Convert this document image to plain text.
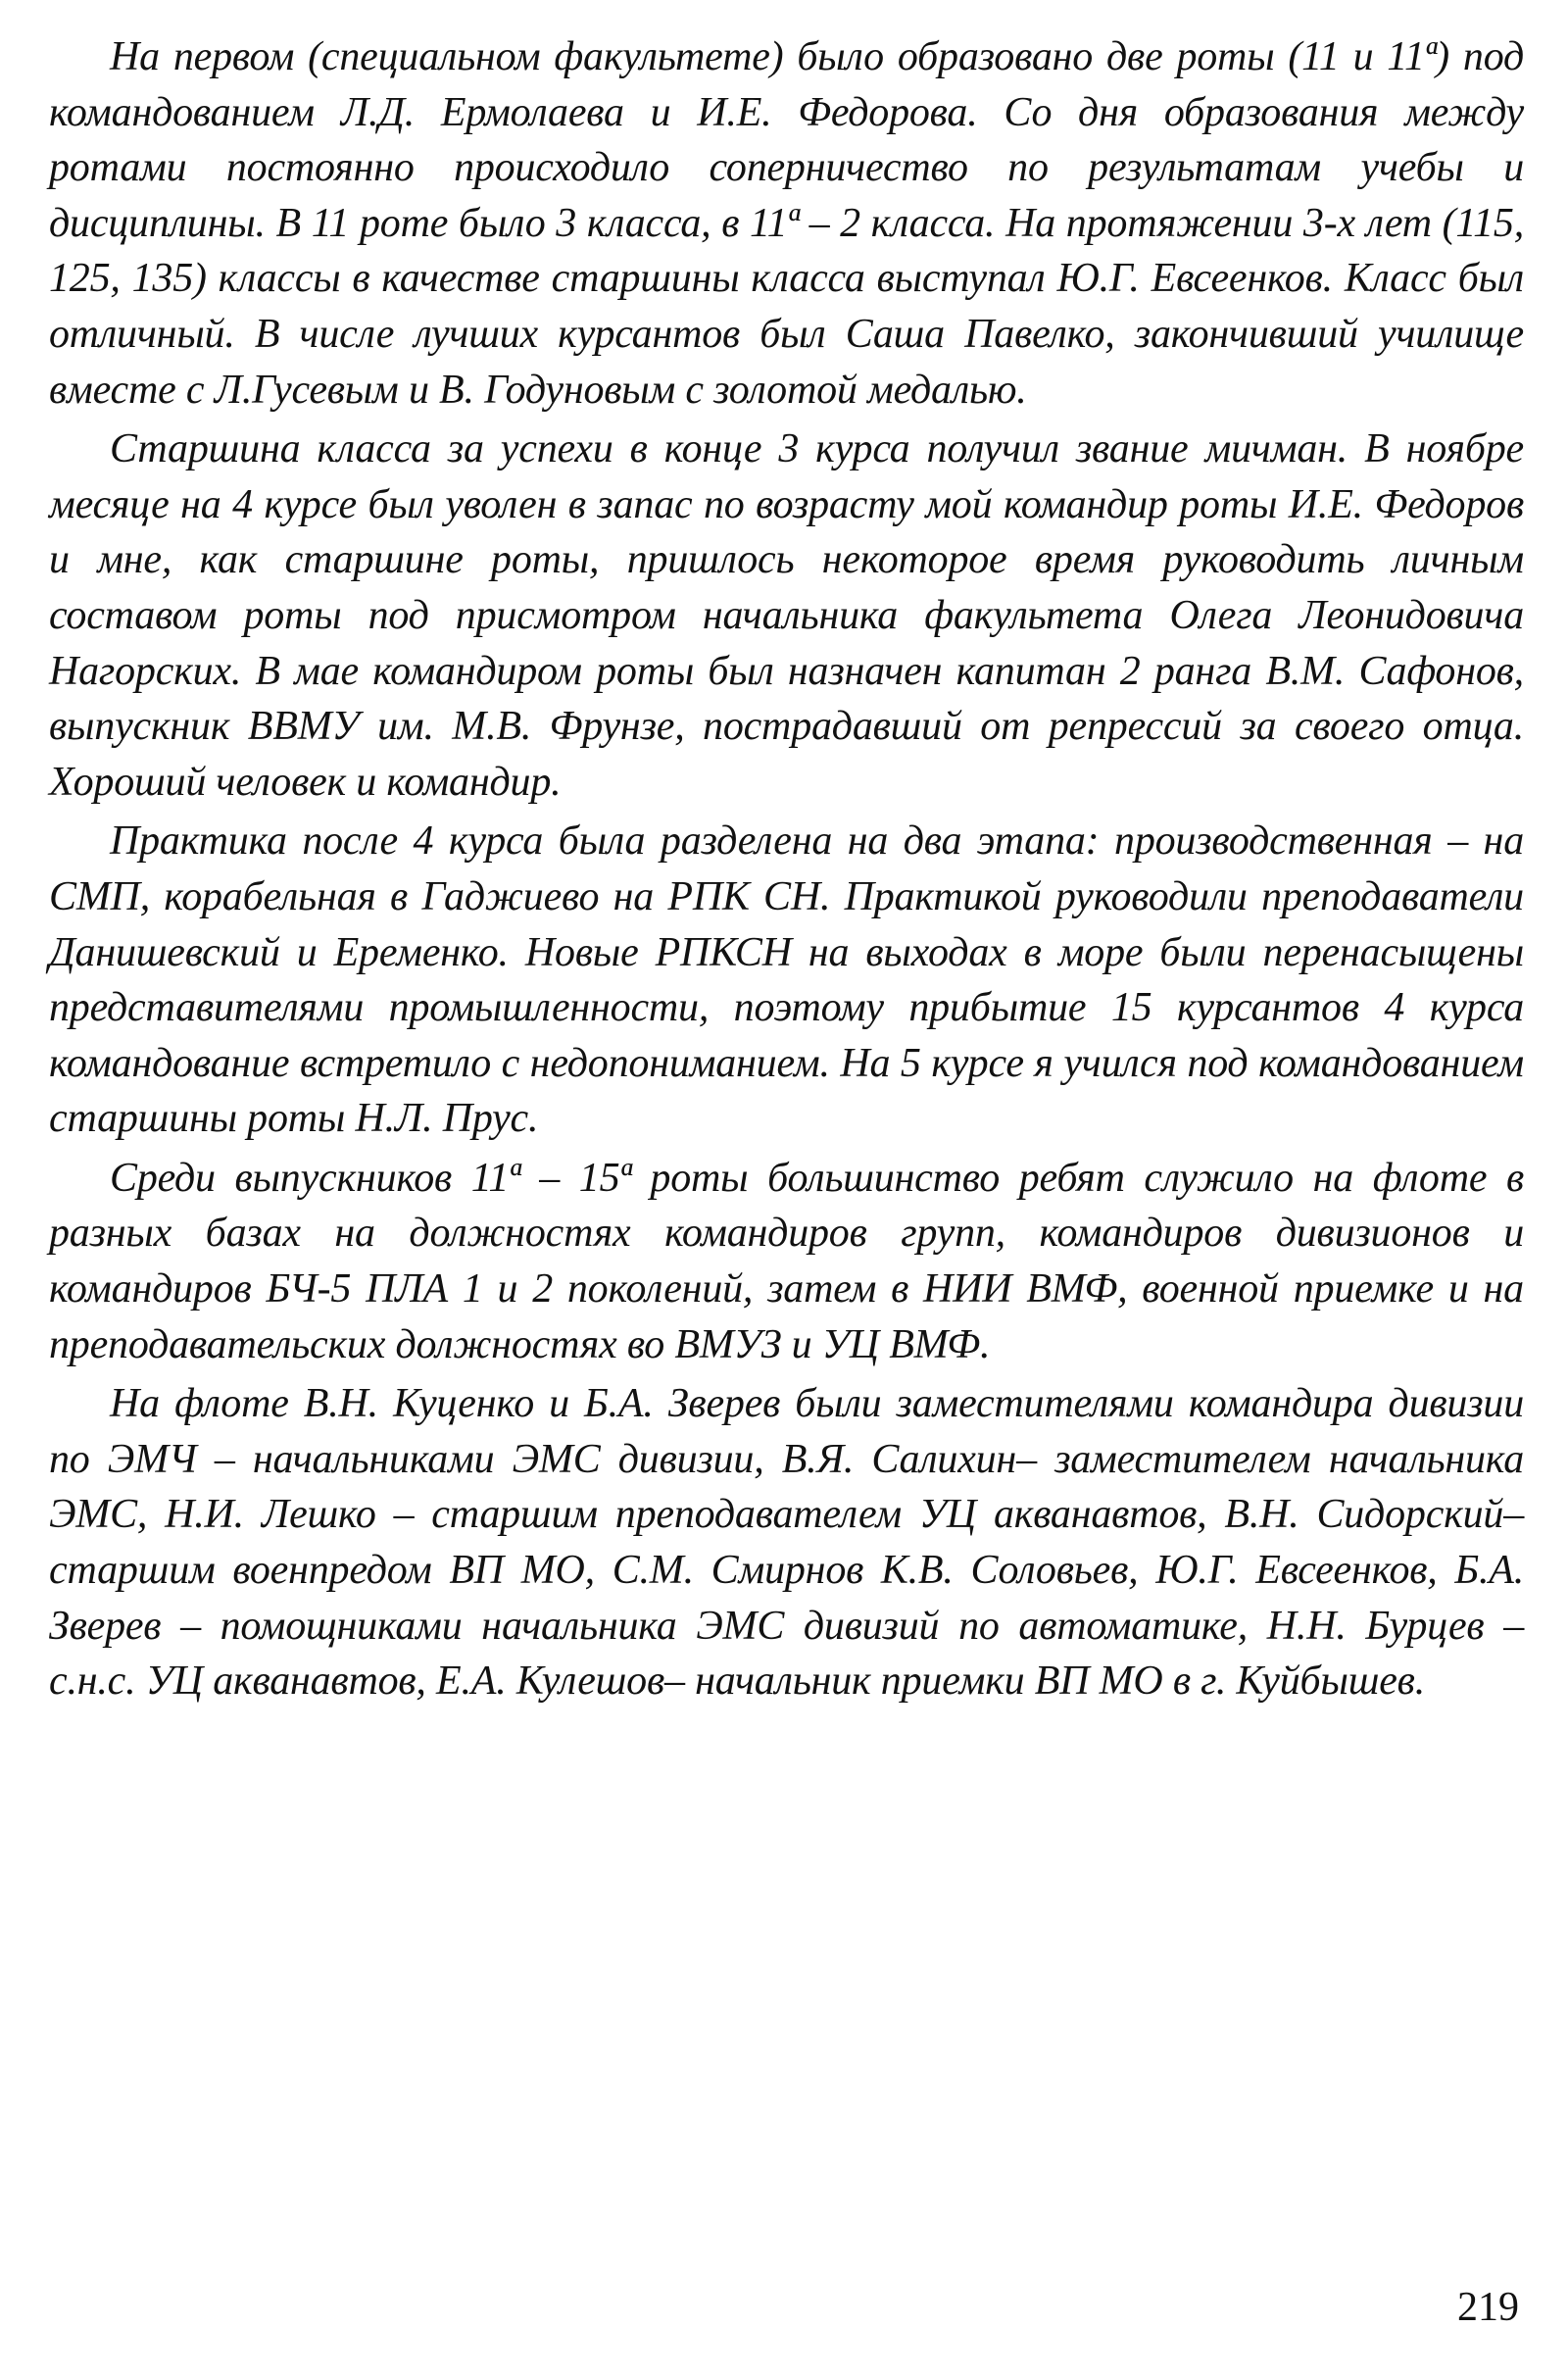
На первом (специальном факультете) было образовано две роты (11 и 11ª) под командованием Л.Д. Ермолаева и И.Е. Федорова. Со дня образования между ротами постоянно происходило соперничество по результатам учебы и дисциплины. В 11 роте было 3 класса, в 11ª – 2 класса. На протяжении 3-х лет (115, 125, 135) классы в качестве старшины класса выступал Ю.Г. Евсеенков. Класс был отличный. В числе лучших курсантов был Саша Павелко, закончивший училище вместе с Л.Гусевым и В. Годуновым с золотой медалью.

Старшина класса за успехи в конце 3 курса получил звание мичман. В ноябре месяце на 4 курсе был уволен в запас по возрасту мой командир роты И.Е. Федоров и мне, как старшине роты, пришлось некоторое время руководить личным составом роты под присмотром начальника факультета Олега Леонидовича Нагорских. В мае командиром роты был назначен капитан 2 ранга В.М. Сафонов, выпускник ВВМУ им. М.В. Фрунзе, пострадавший от репрессий за своего отца. Хороший человек и командир.

Практика после 4 курса была разделена на два этапа: производственная – на СМП, корабельная в Гаджиево на РПК СН. Практикой руководили преподаватели Данишевский и Еременко. Новые РПКСН на выходах в море были перенасыщены представителями промышленности, поэтому прибытие 15 курсантов 4 курса командование встретило с недопониманием. На 5 курсе я учился под командованием старшины роты Н.Л. Прус.

Среди выпускников 11ª – 15ª роты большинство ребят служило на флоте в разных базах на должностях командиров групп, командиров дивизионов и командиров БЧ-5 ПЛА 1 и 2 поколений, затем в НИИ ВМФ, военной приемке и на преподавательских должностях во ВМУЗ и УЦ ВМФ.

На флоте В.Н. Куценко и Б.А. Зверев были заместителями командира дивизии по ЭМЧ – начальниками ЭМС дивизии, В.Я. Салихин– заместителем начальника ЭМС, Н.И. Лешко – старшим преподавателем УЦ акванавтов, В.Н. Сидорский– старшим военпредом ВП МО, С.М. Смирнов К.В. Соловьев, Ю.Г. Евсеенков, Б.А. Зверев – помощниками начальника ЭМС дивизий по автоматике, Н.Н. Бурцев – с.н.с. УЦ акванавтов, Е.А. Кулешов– начальник приемки ВП МО в г. Куйбышев.

219
